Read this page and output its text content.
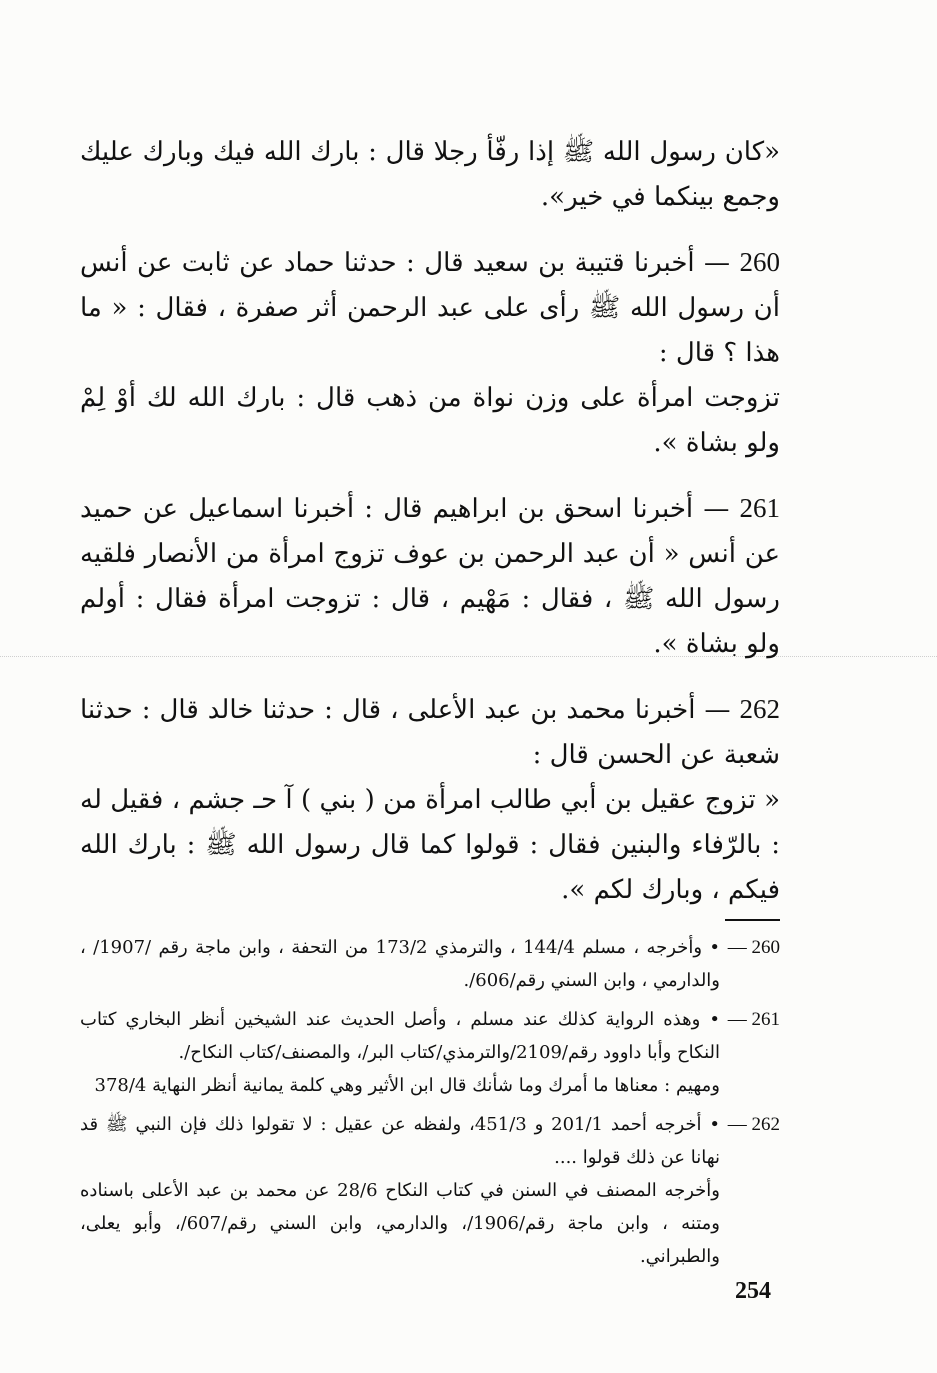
«كان رسول الله ﷺ إذا رفّأ رجلا قال : بارك الله فيك وبارك عليك وجمع بينكما في خير».

260 — أخبرنا قتيبة بن سعيد قال : حدثنا حماد عن ثابت عن أنس أن رسول الله ﷺ رأى على عبد الرحمن أثر صفرة ، فقال : « ما هذا ؟ قال :

تزوجت امرأة على وزن نواة من ذهب قال : بارك الله لك أوْ لِمْ ولو بشاة ».

261 — أخبرنا اسحق بن ابراهيم قال : أخبرنا اسماعيل عن حميد عن أنس « أن عبد الرحمن بن عوف تزوج امرأة من الأنصار فلقيه رسول الله ﷺ ، فقال : مَهْيم ، قال : تزوجت امرأة فقال : أولم ولو بشاة ».

262 — أخبرنا محمد بن عبد الأعلى ، قال : حدثنا خالد قال : حدثنا شعبة عن الحسن قال :

« تزوج عقيل بن أبي طالب امرأة من ( بني ) آ حـ جشم ، فقيل له : بالرّفاء والبنين فقال : قولوا كما قال رسول الله ﷺ : بارك الله فيكم ، وبارك لكم ».

260 —

• وأخرجه ، مسلم 144/4 ، والترمذي 173/2 من التحفة ، وابن ماجة رقم /1907/ ، والدارمي ، وابن السني رقم/606/.

261 —

• وهذه الرواية كذلك عند مسلم ، وأصل الحديث عند الشيخين أنظر البخاري كتاب النكاح وأبا داوود رقم/2109/والترمذي/كتاب البر/، والمصنف/كتاب النكاح/.

ومهيم : معناها ما أمرك وما شأنك قال ابن الأثير وهي كلمة يمانية أنظر النهاية 378/4

262 —

• أخرجه أحمد 201/1 و 451/3، ولفظه عن عقيل : لا تقولوا ذلك فإن النبي ﷺ قد نهانا عن ذلك قولوا ....

وأخرجه المصنف في السنن في كتاب النكاح 28/6 عن محمد بن عبد الأعلى باسناده ومتنه ، وابن ماجة رقم/1906/، والدارمي، وابن السني رقم/607/، وأبو يعلى، والطبراني.

254
